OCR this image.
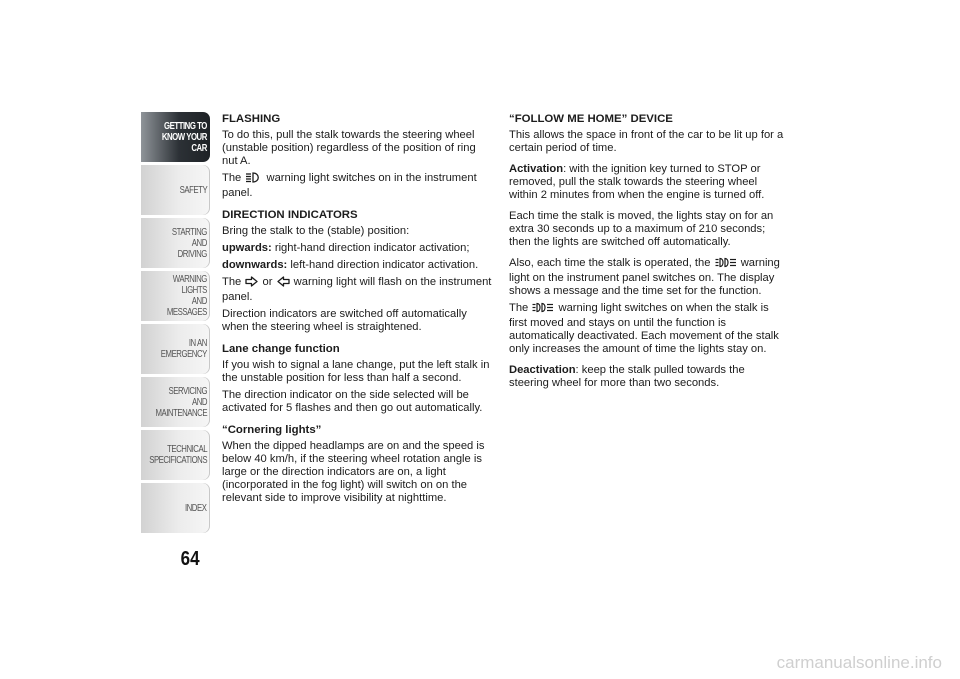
GETTING TO
KNOW YOUR CAR
SAFETY
STARTING AND
DRIVING
WARNING LIGHTS
AND MESSAGES
IN AN EMERGENCY
SERVICING AND
MAINTENANCE
TECHNICAL
SPECIFICATIONS
INDEX
64
FLASHING

To do this, pull the stalk towards the steering wheel (unstable position) regardless of the position of ring nut A.

The warning light switches on in the instrument panel.

DIRECTION INDICATORS

Bring the stalk to the (stable) position:

upwards: right-hand direction indicator activation;

downwards: left-hand direction indicator activation.

The or warning light will flash on the instrument panel.

Direction indicators are switched off automatically when the steering wheel is straightened.

Lane change function

If you wish to signal a lane change, put the left stalk in the unstable position for less than half a second.

The direction indicator on the side selected will be activated for 5 flashes and then go out automatically.

“Cornering lights”

When the dipped headlamps are on and the speed is below 40 km/h, if the steering wheel rotation angle is large or the direction indicators are on, a light (incorporated in the fog light) will switch on on the relevant side to improve visibility at nighttime.

“FOLLOW ME HOME” DEVICE

This allows the space in front of the car to be lit up for a certain period of time.

Activation: with the ignition key turned to STOP or removed, pull the stalk towards the steering wheel within 2 minutes from when the engine is turned off.

Each time the stalk is moved, the lights stay on for an extra 30 seconds up to a maximum of 210 seconds; then the lights are switched off automatically.

Also, each time the stalk is operated, the	warning light on the instrument panel switches on. The display shows a message and the time set for the function.

The	warning light switches on when the stalk is first moved and stays on until the function is automatically deactivated. Each movement of the stalk only increases the amount of time the lights stay on.

Deactivation: keep the stalk pulled towards the steering wheel for more than two seconds.

carmanualsonline.info
